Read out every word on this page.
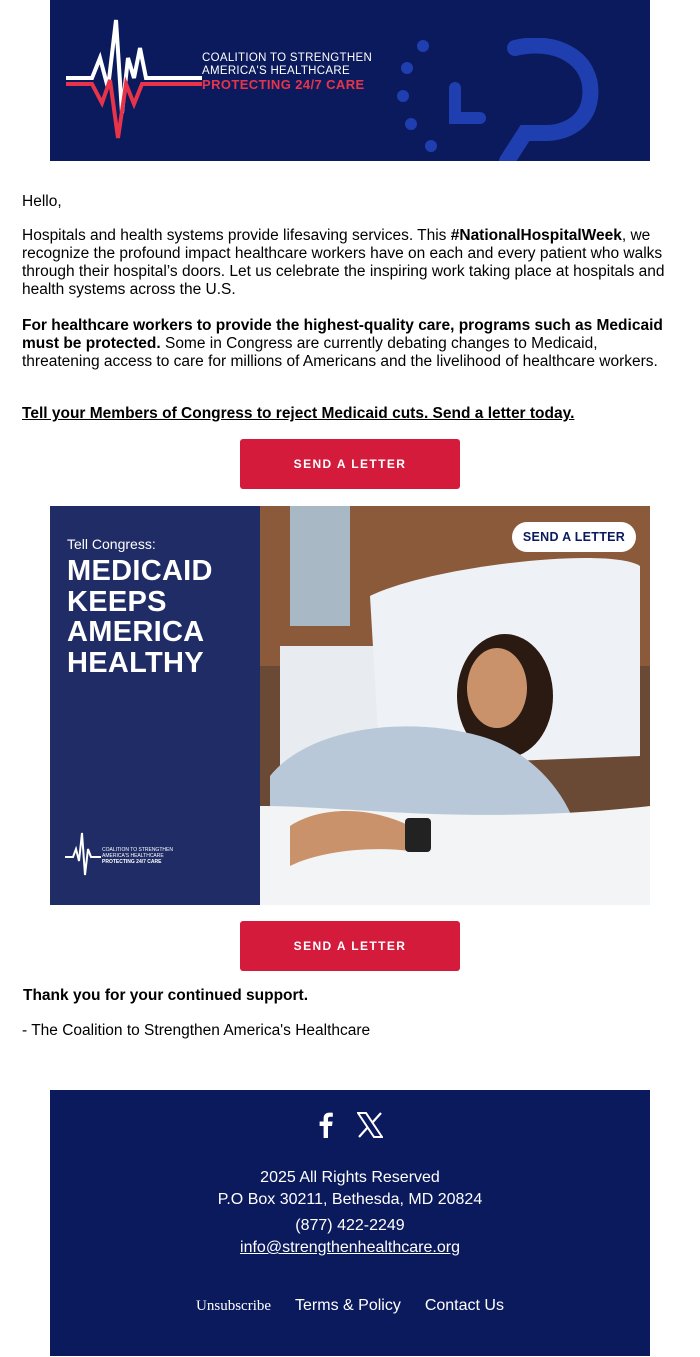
COALITION TO STRENGTHEN
AMERICA'S HEALTHCARE
PROTECTING 24/7 CARE
Hello,
Hospitals and health systems provide lifesaving services. This #NationalHospitalWeek, we recognize the profound impact healthcare workers have on each and every patient who walks through their hospital’s doors. Let us celebrate the inspiring work taking place at hospitals and health systems across the U.S.
For healthcare workers to provide the highest-quality care, programs such as Medicaid must be protected. Some in Congress are currently debating changes to Medicaid, threatening access to care for millions of Americans and the livelihood of healthcare workers.
Tell your Members of Congress to reject Medicaid cuts. Send a letter today.
SEND A LETTER
Tell Congress:
MEDICAID
KEEPS
AMERICA
HEALTHY
SEND A LETTER
COALITION TO STRENGTHEN
AMERICA'S HEALTHCARE
PROTECTING 24/7 CARE
SEND A LETTER
Thank you for your continued support.
- The Coalition to Strengthen America's Healthcare
2025 All Rights Reserved
P.O Box 30211, Bethesda, MD 20824
(877) 422-2249
info@strengthenhealthcare.org
Unsubscribe Terms & Policy Contact Us
